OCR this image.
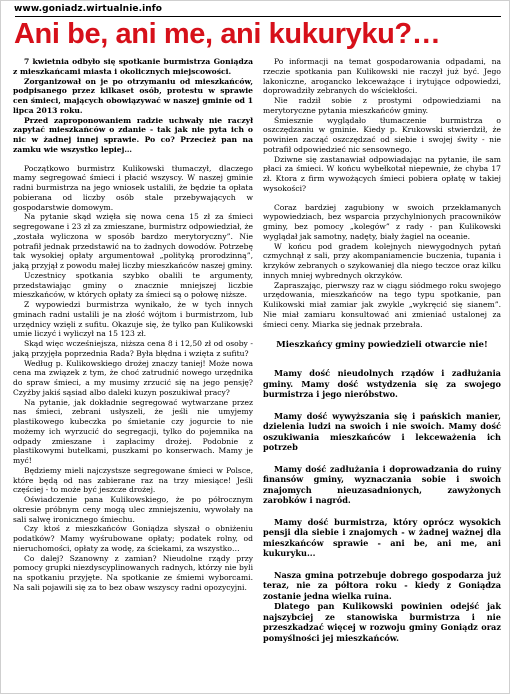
www.goniadz.wirtualnie.info
Ani be, ani me, ani kukuryku?…

7 kwietnia odbyło się spotkanie burmistrza Goniądza z mieszkańcami miasta i okolicznych miejscowości.

Zorganizował on je po otrzymaniu od mieszkańców, podpisanego przez kilkaset osób, protestu w sprawie cen śmieci, mających obowiązywać w naszej gminie od 1 lipca 2013 roku.

Przed zaproponowaniem radzie uchwały nie raczył zapytać mieszkańców o zdanie - tak jak nie pyta ich o nic w żadnej innej sprawie. Po co? Przecież pan na zamku wie wszystko lepiej…

Początkowo burmistrz Kulikowski tłumaczył, dlaczego mamy segregować śmieci i płacić wszyscy. W naszej gminie radni burmistrza na jego wniosek ustalili, że będzie ta opłata pobierana od liczby osób stale przebywających w gospodarstwie domowym.

Na pytanie skąd wzięła się nowa cena 15 zł za śmieci segregowane i 23 zł za zmieszane, burmistrz odpowiedział, że „została wyliczona w sposób bardzo merytoryczny”. Nie potrafił jednak przedstawić na to żadnych dowodów. Potrzebę tak wysokiej opłaty argumentował „polityką prorodzinną”, jaką przyjął z powodu małej liczby mieszkańców naszej gminy.

Uczestnicy spotkania szybko obalili te argumenty, przedstawiając gminy o znacznie mniejszej liczbie mieszkańców, w których opłaty za śmieci są o połowę niższe.

Z wypowiedzi burmistrza wynikało, że w tych innych gminach radni ustalili je na złość wójtom i burmistrzom, lub urzędnicy wzięli z sufitu. Okazuje się, że tylko pan Kulikowski umie liczyć i wyliczył na 15 123 zł.

Skąd więc wcześniejsza, niższa cena 8 i 12,50 zł od osoby - jaką przyjęła poprzednia Rada? Była błędna i wzięta z sufitu?

Według p. Kulikowskiego drożej znaczy taniej! Może nowa cena ma związek z tym, że choć zatrudnić nowego urzędnika do spraw śmieci, a my musimy zrzucić się na jego pensję? Czyżby jakiś sąsiad albo daleki kuzyn poszukiwał pracy?

Na pytanie, jak dokładnie segregować wytwarzane przez nas śmieci, zebrani usłyszeli, że jeśli nie umyjemy plastikowego kubeczka po śmietanie czy jogurcie to nie możemy ich wyrzucić do segregacji, tylko do pojemnika na odpady zmieszane i zapłacimy drożej. Podobnie z plastikowymi butelkami, puszkami po konserwach. Mamy je myć!

Będziemy mieli najczystsze segregowane śmieci w Polsce, które będą od nas zabierane raz na trzy miesiące! Jeśli częściej - to może być jeszcze drożej.

Oświadczenie pana Kulikowskiego, że po półrocznym okresie próbnym ceny mogą ulec zmniejszeniu, wywołały na sali salwę ironicznego śmiechu.

Czy ktoś z mieszkańców Goniądza słyszał o obniżeniu podatków? Mamy wyśrubowane opłaty; podatek rolny, od nieruchomości, opłaty za wodę, za ściekami, za wszystko…

Co dalej? Szanowny z zamian? Nieudolne rządy przy pomocy grupki niezdyscyplinowanych radnych, którzy nie byli na spotkaniu przyjęte. Na spotkanie ze śmiemi wyborcami. Na sali pojawili się za to bez obaw wszyscy radni opozycyjni.

Po informacji na temat gospodarowania odpadami, na rzeczie spotkania pan Kulikowski nie raczył już być. Jego lakoniczne, arogancko lekceważące i irytujące odpowiedzi, doprowadziły zebranych do wściekłości.

Nie radził sobie z prostymi odpowiedziami na merytoryczne pytania mieszkańców gminy.

Śmiesznie wyglądało tłumaczenie burmistrza o oszczędzaniu w gminie. Kiedy p. Krukowski stwierdził, że powinien zacząć oszczędzać od siebie i swojej świty - nie potrafił odpowiedzieć nic sensownego.

Dziwne się zastanawiał odpowiadając na pytanie, ile sam płaci za śmieci. W końcu wybełkotał niepewnie, że chyba 17 zł. Ktora z firm wywożących śmieci pobiera opłatę w takiej wysokości?

Coraz bardziej zagubiony w swoich przekłamanych wypowiedziach, bez wsparcia przychylnionych pracowników gminy, bez pomocy „kolegów” z rady - pan Kulikowski wyglądał jak samotny, nadęty, biały żagiel na oceanie.

W końcu pod gradem kolejnych niewygodnych pytań czmychnął z sali, przy akompaniamencie buczenia, tupania i krzyków zebranych o szykowaniej dla niego teczce oraz kilku innych mniej wybrednych okrzyków.

Zapraszając, pierwszy raz w ciągu siódmego roku swojego urzędowania, mieszkańców na tego typu spotkanie, pan Kulikowski miał zamiar jak zwykle „wykręcić się sianem”. Nie miał zamiaru konsultować ani zmieniać ustalonej za śmieci ceny. Miarka się jednak przebrała.

Mieszkańcy gminy powiedzieli otwarcie nie!

Mamy dość nieudolnych rządów i zadłużania gminy. Mamy dość wstydzenia się za swojego burmistrza i jego nieróbstwo.

Mamy dość wywyższania się i pańskich manier, dzielenia ludzi na swoich i nie swoich. Mamy dość oszukiwania mieszkańców i lekceważenia ich potrzeb

Mamy dość zadłużania i doprowadzania do ruiny finansów gminy, wyznaczania sobie i swoich znajomych nieuzasadnionych, zawyżonych zarobków i nagród.

Mamy dość burmistrza, który oprócz wysokich pensji dla siebie i znajomych - w żadnej ważnej dla mieszkańców sprawie - ani be, ani me, ani kukuryku...

Nasza gmina potrzebuje dobrego gospodarza już teraz, nie za półtora roku - kiedy z Goniądza zostanie jedna wielka ruina.

Dlatego pan Kulikowski powinien odejść jak najszybciej ze stanowiska burmistrza i nie przeszkadzać więcej w rozwoju gminy Goniądz oraz pomyślności jej mieszkańców.
